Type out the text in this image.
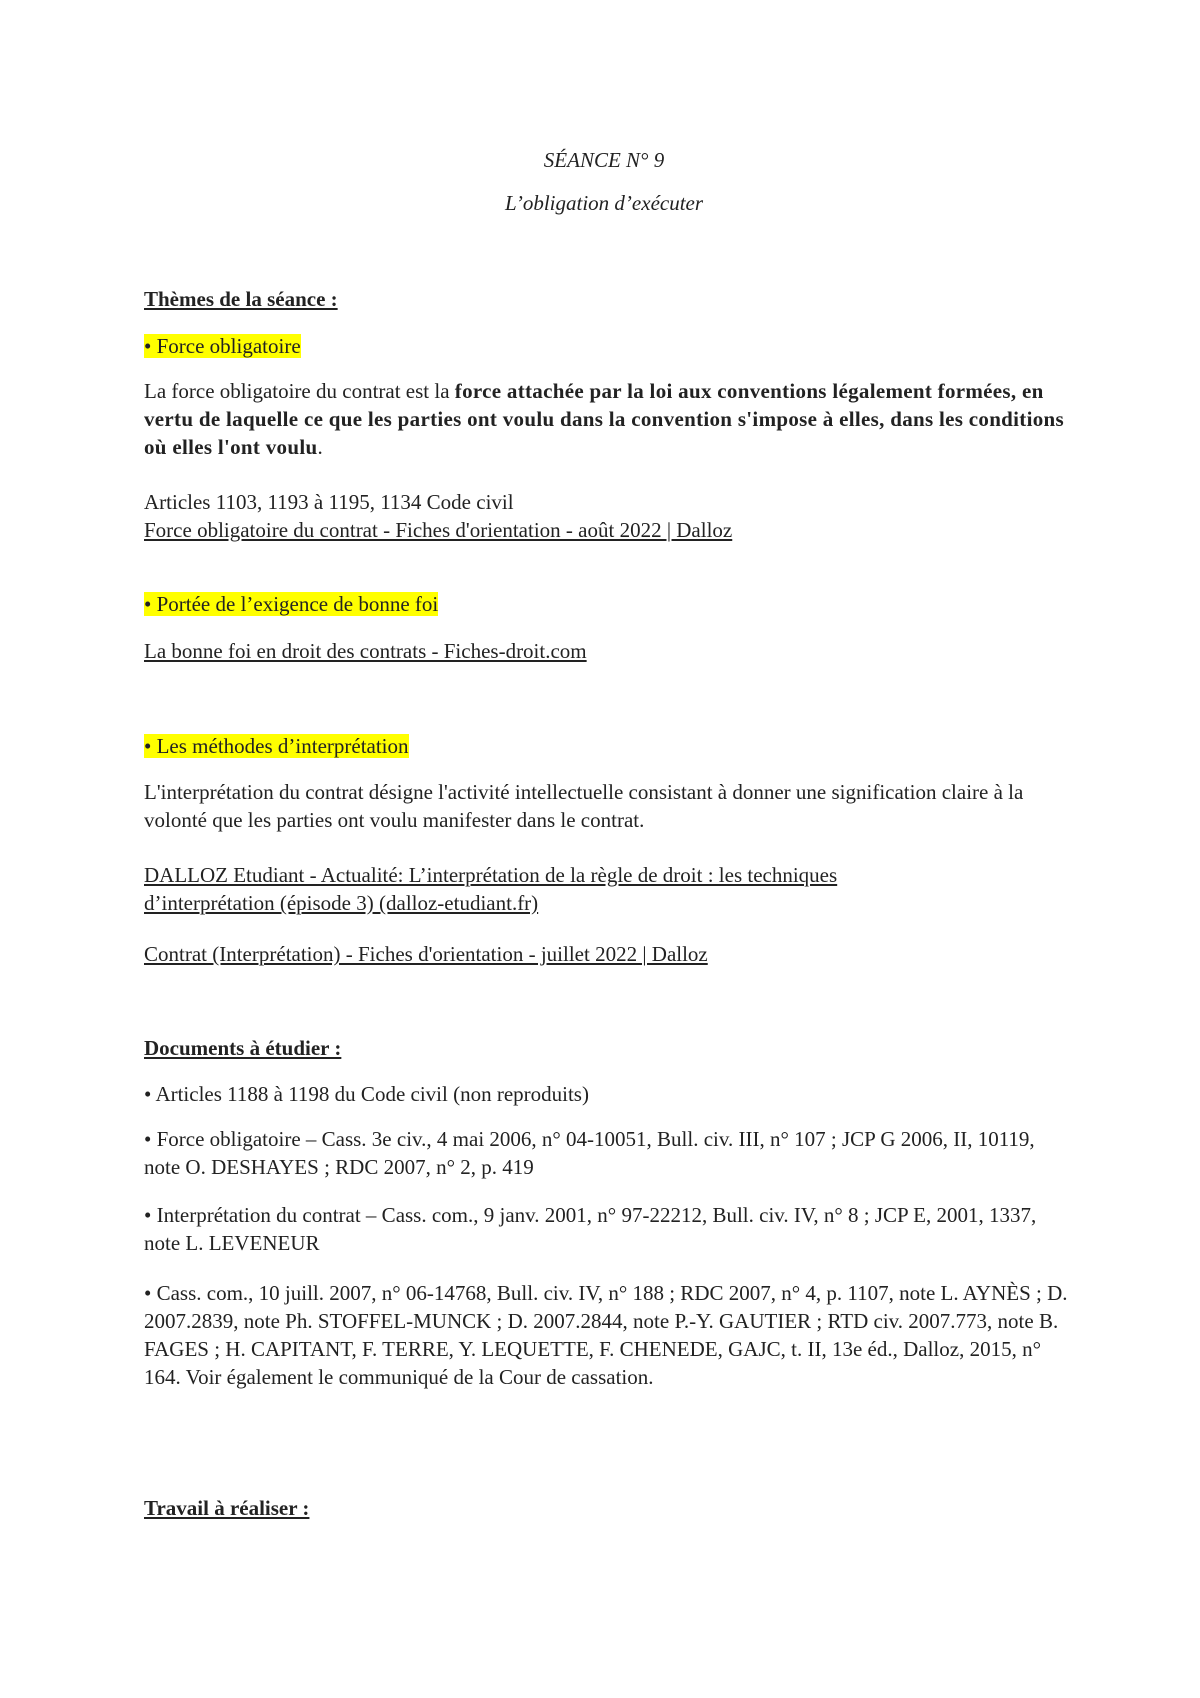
SÉANCE N° 9

L’obligation d’exécuter

Thèmes de la séance :

• Force obligatoire

La force obligatoire du contrat est la force attachée par la loi aux conventions légalement formées, en vertu de laquelle ce que les parties ont voulu dans la convention s'impose à elles, dans les conditions où elles l'ont voulu.

Articles 1103, 1193 à 1195, 1134 Code civil

Force obligatoire du contrat - Fiches d'orientation - août 2022 | Dalloz

• Portée de l’exigence de bonne foi

La bonne foi en droit des contrats - Fiches-droit.com

• Les méthodes d’interprétation

L'interprétation du contrat désigne l'activité intellectuelle consistant à donner une signification claire à la volonté que les parties ont voulu manifester dans le contrat.

DALLOZ Etudiant - Actualité: L’interprétation de la règle de droit : les techniques d’interprétation (épisode 3) (dalloz-etudiant.fr)

Contrat (Interprétation) - Fiches d'orientation - juillet 2022 | Dalloz

Documents à étudier :

• Articles 1188 à 1198 du Code civil (non reproduits)

• Force obligatoire – Cass. 3e civ., 4 mai 2006, n° 04-10051, Bull. civ. III, n° 107 ; JCP G 2006, II, 10119, note O. DESHAYES ; RDC 2007, n° 2, p. 419

• Interprétation du contrat – Cass. com., 9 janv. 2001, n° 97-22212, Bull. civ. IV, n° 8 ; JCP E, 2001, 1337, note L. LEVENEUR

• Cass. com., 10 juill. 2007, n° 06-14768, Bull. civ. IV, n° 188 ; RDC 2007, n° 4, p. 1107, note L. AYNÈS ; D. 2007.2839, note Ph. STOFFEL-MUNCK ; D. 2007.2844, note P.-Y. GAUTIER ; RTD civ. 2007.773, note B. FAGES ; H. CAPITANT, F. TERRE, Y. LEQUETTE, F. CHENEDE, GAJC, t. II, 13e éd., Dalloz, 2015, n° 164. Voir également le communiqué de la Cour de cassation.

Travail à réaliser :
